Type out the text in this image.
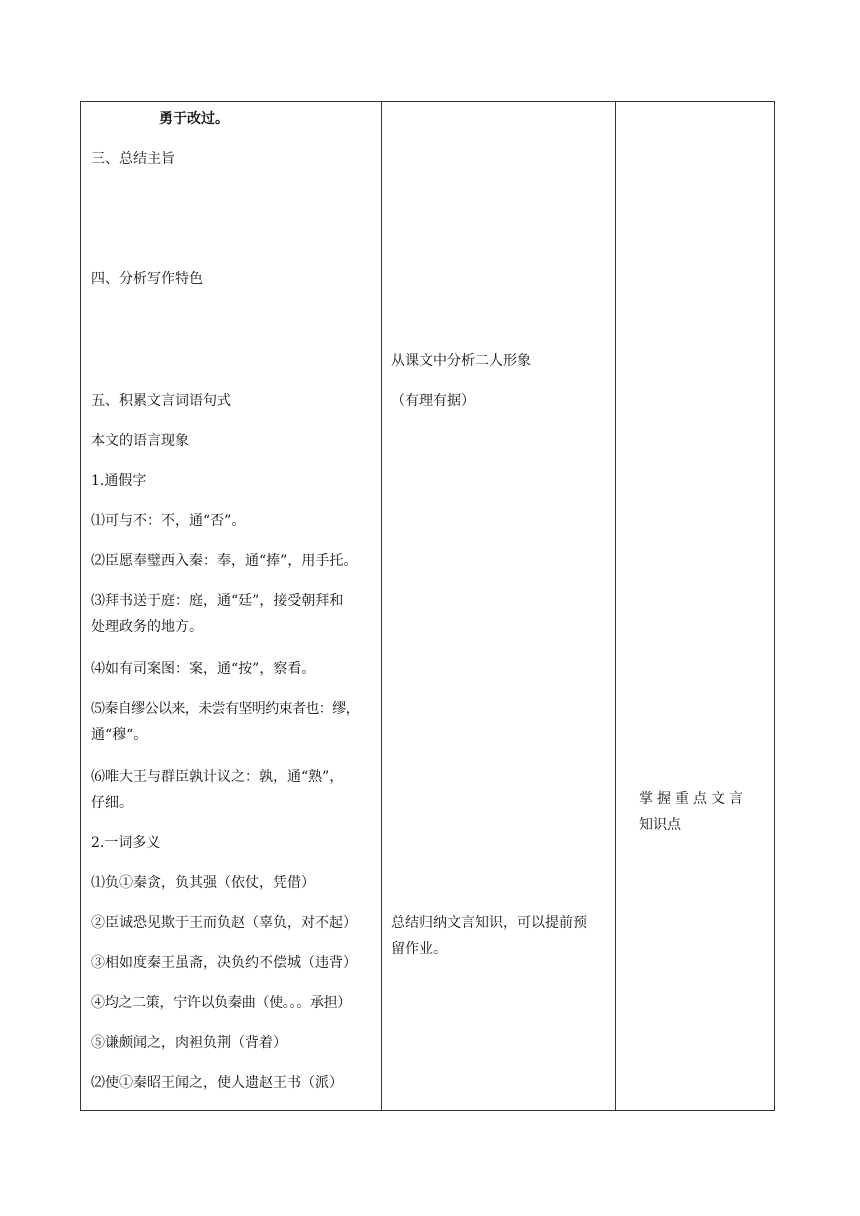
勇于改过。

三、总结主旨

四、分析写作特色

五、积累文言词语句式

本文的语言现象

1.通假字

⑴可与不：不，通“否”。

⑵臣愿奉璧西入秦：奉，通“捧”，用手托。

⑶拜书送于庭：庭，通“廷”，接受朝拜和

处理政务的地方。

⑷如有司案图：案，通“按”，察看。

⑸秦自缪公以来，未尝有坚明约束者也：缪，

通“穆“。

⑹唯大王与群臣孰计议之：孰，通“熟”，

仔细。

2.一词多义

⑴负①秦贪，负其强（依仗，凭借）

②臣诚恐见欺于王而负赵（辜负，对不起）

③相如度秦王虽斋，决负约不偿城（违背）

④均之二策，宁许以负秦曲（使。。。承担）

⑤谦颇闻之，肉袒负荆（背着）

⑵使①秦昭王闻之，使人遗赵王书（派）

从课文中分析二人形象

（有理有据）

总结归纳文言知识，可以提前预

留作业。

掌握重点文言

知识点
